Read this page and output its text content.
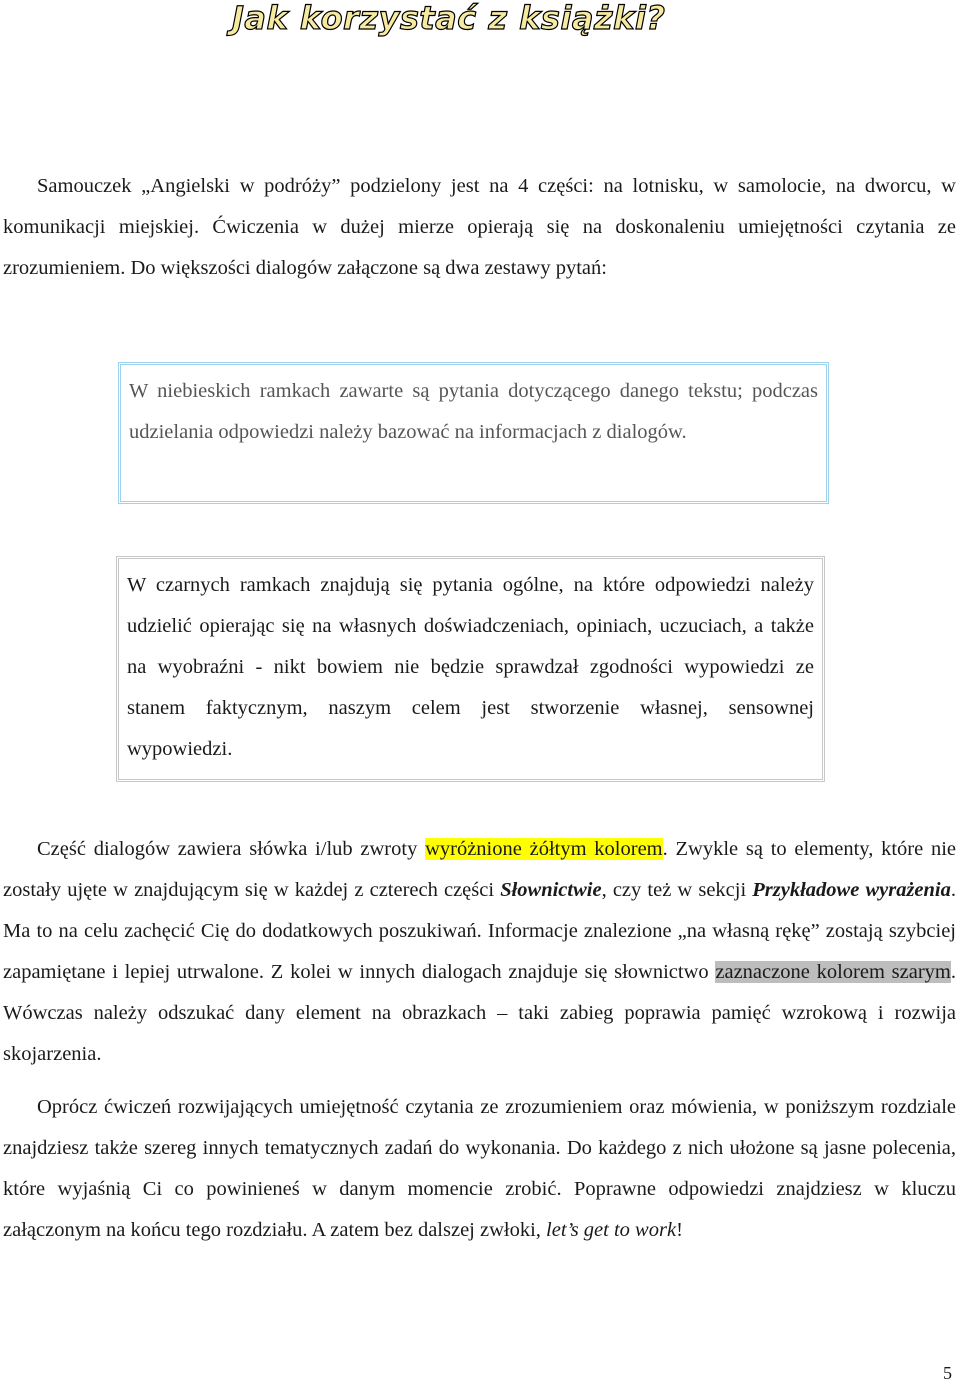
Jak korzystać z książki?

Samouczek „Angielski w podróży” podzielony jest na 4 części: na lotnisku, w samolocie, na dworcu, w komunikacji miejskiej. Ćwiczenia w dużej mierze opierają się na doskonaleniu umiejętności czytania ze zrozumieniem. Do większości dialogów załączone są dwa zestawy pytań:

W niebieskich ramkach zawarte są pytania dotyczącego danego tekstu; podczas udzielania odpowiedzi należy bazować na informacjach z dialogów.

W czarnych ramkach znajdują się pytania ogólne, na które odpowiedzi należy udzielić opierając się na własnych doświadczeniach, opiniach, uczuciach, a także na wyobraźni - nikt bowiem nie będzie sprawdzał zgodności wypowiedzi ze stanem faktycznym, naszym celem jest stworzenie własnej, sensownej wypowiedzi.

Część dialogów zawiera słówka i/lub zwroty wyróżnione żółtym kolorem. Zwykle są to elementy, które nie zostały ujęte w znajdującym się w każdej z czterech części Słownictwie, czy też w sekcji Przykładowe wyrażenia. Ma to na celu zachęcić Cię do dodatkowych poszukiwań. Informacje znalezione „na własną rękę” zostają szybciej zapamiętane i lepiej utrwalone. Z kolei w innych dialogach znajduje się słownictwo zaznaczone kolorem szarym. Wówczas należy odszukać dany element na obrazkach – taki zabieg poprawia pamięć wzrokową i rozwija skojarzenia.

Oprócz ćwiczeń rozwijających umiejętność czytania ze zrozumieniem oraz mówienia, w poniższym rozdziale znajdziesz także szereg innych tematycznych zadań do wykonania. Do każdego z nich ułożone są jasne polecenia, które wyjaśnią Ci co powinieneś w danym momencie zrobić. Poprawne odpowiedzi znajdziesz w kluczu załączonym na końcu tego rozdziału. A zatem bez dalszej zwłoki, let’s get to work!

5
